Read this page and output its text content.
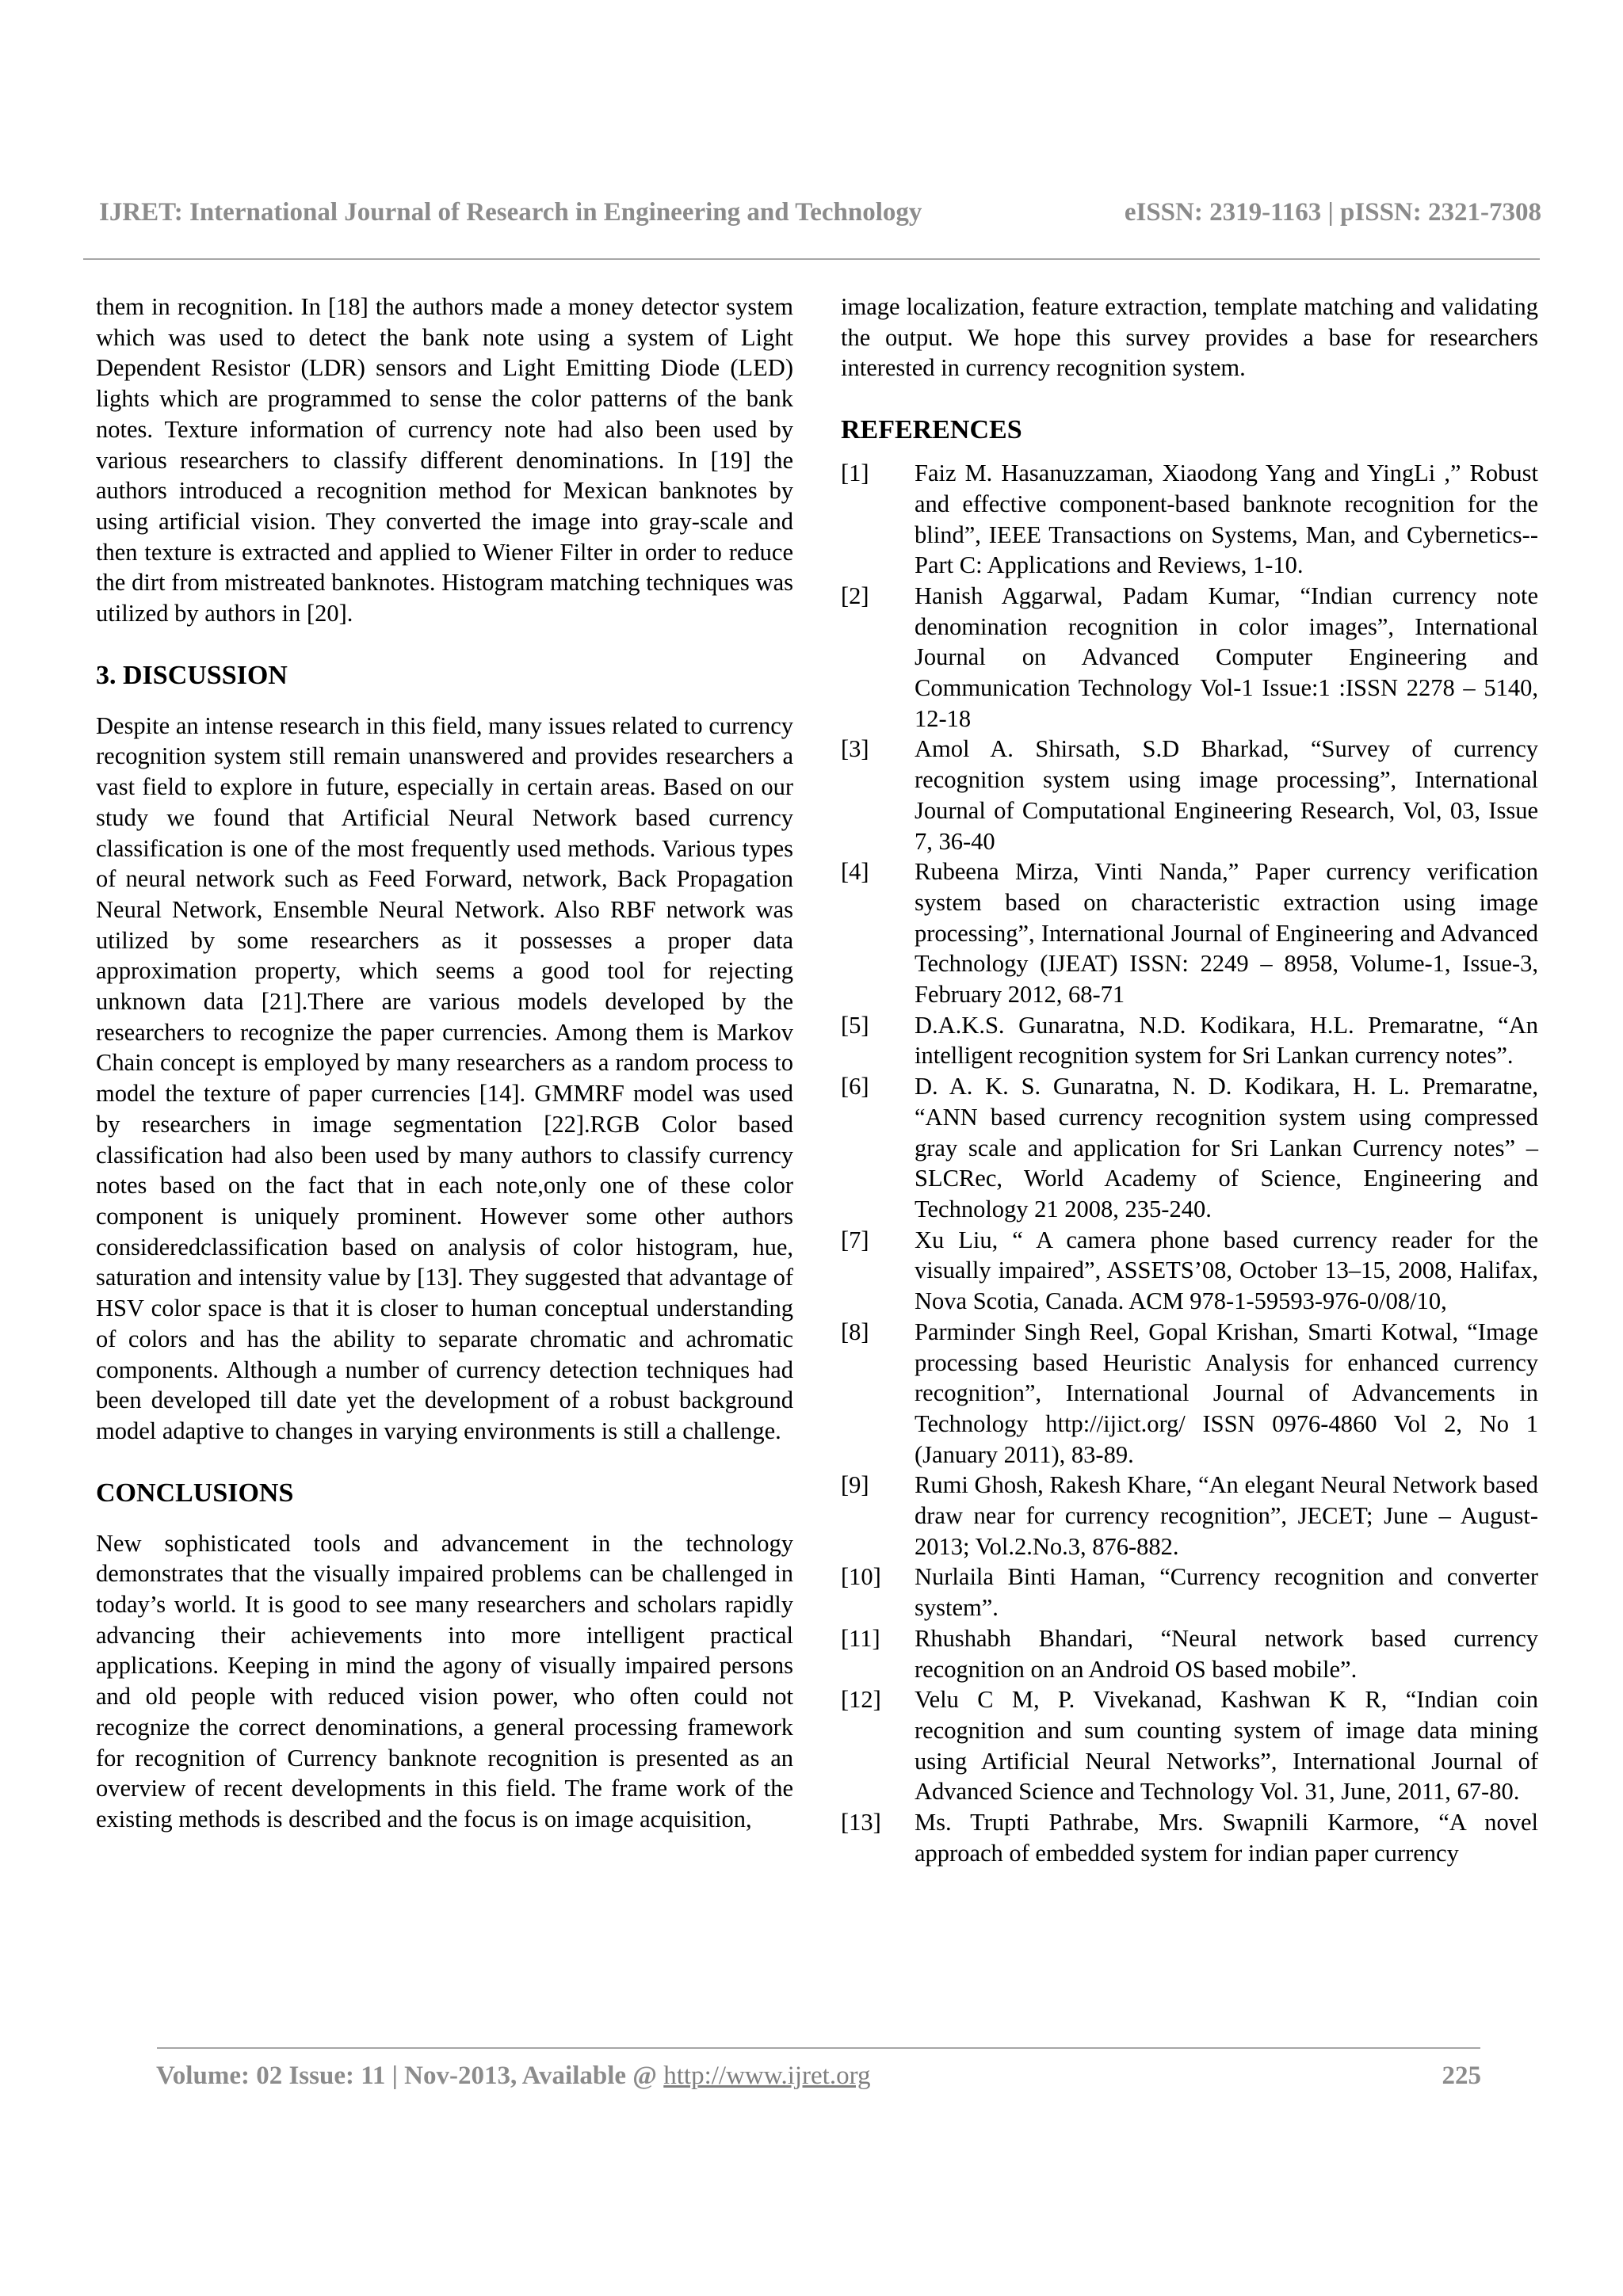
IJRET: International Journal of Research in Engineering and Technology	eISSN: 2319-1163 | pISSN: 2321-7308

them in recognition. In [18] the authors made a money detector system which was used to detect the bank note using a system of Light Dependent Resistor (LDR) sensors and Light Emitting Diode (LED) lights which are programmed to sense the color patterns of the bank notes. Texture information of currency note had also been used by various researchers to classify different denominations. In [19] the authors introduced a recognition method for Mexican banknotes by using artificial vision. They converted the image into gray-scale and then texture is extracted and applied to Wiener Filter in order to reduce the dirt from mistreated banknotes. Histogram matching techniques was utilized by authors in [20].

3. DISCUSSION

Despite an intense research in this field, many issues related to currency recognition system still remain unanswered and provides researchers a vast field to explore in future, especially in certain areas. Based on our study we found that Artificial Neural Network based currency classification is one of the most frequently used methods. Various types of neural network such as Feed Forward, network, Back Propagation Neural Network, Ensemble Neural Network. Also RBF network was utilized by some researchers as it possesses a proper data approximation property, which seems a good tool for rejecting unknown data [21].There are various models developed by the researchers to recognize the paper currencies. Among them is Markov Chain concept is employed by many researchers as a random process to model the texture of paper currencies [14]. GMMRF model was used by researchers in image segmentation [22].RGB Color based classification had also been used by many authors to classify currency notes based on the fact that in each note,only one of these color component is uniquely prominent. However some other authors consideredclassification based on analysis of color histogram, hue, saturation and intensity value by [13]. They suggested that advantage of HSV color space is that it is closer to human conceptual understanding of colors and has the ability to separate chromatic and achromatic components. Although a number of currency detection techniques had been developed till date yet the development of a robust background model adaptive to changes in varying environments is still a challenge.

CONCLUSIONS

New sophisticated tools and advancement in the technology demonstrates that the visually impaired problems can be challenged in today’s world. It is good to see many researchers and scholars rapidly advancing their achievements into more intelligent practical applications. Keeping in mind the agony of visually impaired persons and old people with reduced vision power, who often could not recognize the correct denominations, a general processing framework for recognition of Currency banknote recognition is presented as an overview of recent developments in this field. The frame work of the existing methods is described and the focus is on image acquisition,

image localization, feature extraction, template matching and validating the output. We hope this survey provides a base for researchers interested in currency recognition system.

REFERENCES
[1] Faiz M. Hasanuzzaman, Xiaodong Yang and YingLi ,” Robust and effective component-based banknote recognition for the blind”, IEEE Transactions on Systems, Man, and Cybernetics--Part C: Applications and Reviews, 1-10.
[2] Hanish Aggarwal, Padam Kumar, “Indian currency note denomination recognition in color images”, International Journal on Advanced Computer Engineering and Communication Technology Vol-1 Issue:1 :ISSN 2278 – 5140, 12-18
[3] Amol A. Shirsath, S.D Bharkad, “Survey of currency recognition system using image processing”, International Journal of Computational Engineering Research, Vol, 03, Issue 7, 36-40
[4] Rubeena Mirza, Vinti Nanda,” Paper currency verification system based on characteristic extraction using image processing”, International Journal of Engineering and Advanced Technology (IJEAT) ISSN: 2249 – 8958, Volume-1, Issue-3, February 2012, 68-71
[5] D.A.K.S. Gunaratna, N.D. Kodikara, H.L. Premaratne, “An intelligent recognition system for Sri Lankan currency notes”.
[6] D. A. K. S. Gunaratna, N. D. Kodikara, H. L. Premaratne, “ANN based currency recognition system using compressed gray scale and application for Sri Lankan Currency notes” – SLCRec, World Academy of Science, Engineering and Technology 21 2008, 235-240.
[7] Xu Liu, “ A camera phone based currency reader for the visually impaired”, ASSETS’08, October 13–15, 2008, Halifax, Nova Scotia, Canada. ACM 978-1-59593-976-0/08/10,
[8] Parminder Singh Reel, Gopal Krishan, Smarti Kotwal, “Image processing based Heuristic Analysis for enhanced currency recognition”, International Journal of Advancements in Technology http://ijict.org/ ISSN 0976-4860 Vol 2, No 1 (January 2011), 83-89.
[9] Rumi Ghosh, Rakesh Khare, “An elegant Neural Network based draw near for currency recognition”, JECET; June – August-2013; Vol.2.No.3, 876-882.
[10] Nurlaila Binti Haman, “Currency recognition and converter system”.
[11] Rhushabh Bhandari, “Neural network based currency recognition on an Android OS based mobile”.
[12] Velu C M, P. Vivekanad, Kashwan K R, “Indian coin recognition and sum counting system of image data mining using Artificial Neural Networks”, International Journal of Advanced Science and Technology Vol. 31, June, 2011, 67-80.
[13] Ms. Trupti Pathrabe, Mrs. Swapnili Karmore, “A novel approach of embedded system for indian paper currency
Volume: 02 Issue: 11 | Nov-2013, Available @ http://www.ijret.org	225
